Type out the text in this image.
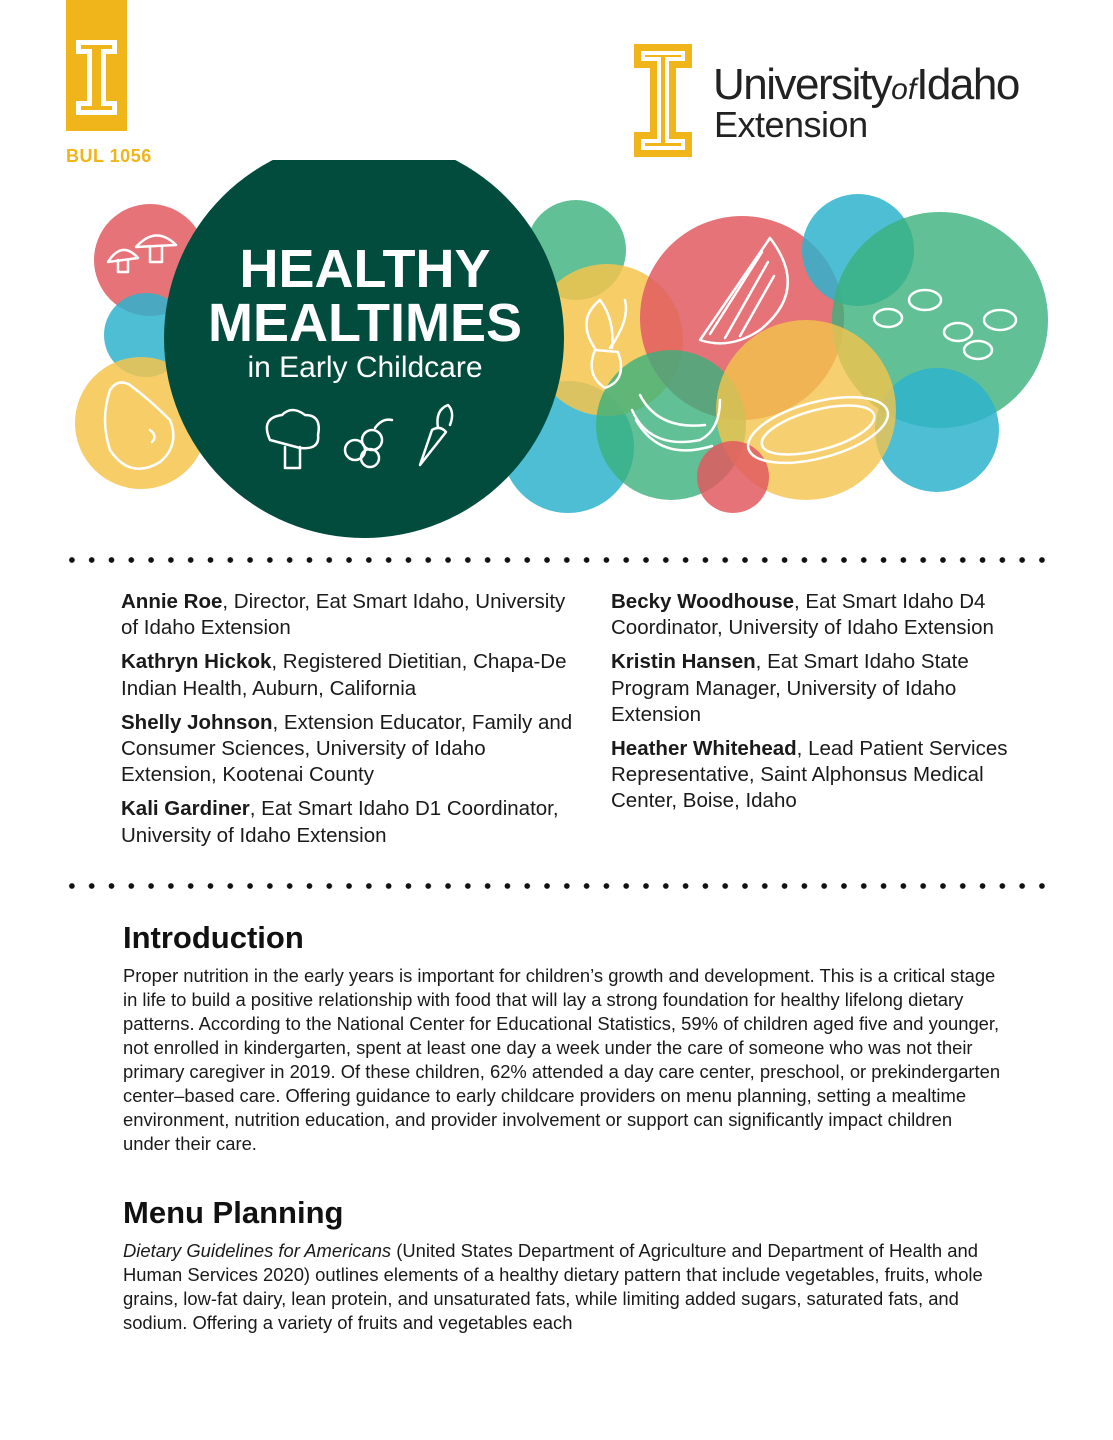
BUL 1056
UniversityofIdaho
Extension
HEALTHY
MEALTIMES
in Early Childcare
Annie Roe, Director, Eat Smart Idaho, University of Idaho Extension
Kathryn Hickok, Registered Dietitian, Chapa-De Indian Health, Auburn, California
Shelly Johnson, Extension Educator, Family and Consumer Sciences, University of Idaho Extension, Kootenai County
Kali Gardiner, Eat Smart Idaho D1 Coordinator, University of Idaho Extension
Becky Woodhouse, Eat Smart Idaho D4 Coordinator, University of Idaho Extension
Kristin Hansen, Eat Smart Idaho State Program Manager, University of Idaho Extension
Heather Whitehead, Lead Patient Services Representative, Saint Alphonsus Medical Center, Boise, Idaho
Introduction
Proper nutrition in the early years is important for children’s growth and development. This is a critical stage in life to build a positive relationship with food that will lay a strong foundation for healthy lifelong dietary patterns. According to the National Center for Educational Statistics, 59% of children aged five and younger, not enrolled in kindergarten, spent at least one day a week under the care of someone who was not their primary caregiver in 2019. Of these children, 62% attended a day care center, preschool, or prekindergarten center–based care. Offering guidance to early childcare providers on menu planning, setting a mealtime environment, nutrition education, and provider involvement or support can significantly impact children under their care.
Menu Planning
Dietary Guidelines for Americans (United States Department of Agriculture and Department of Health and Human Services 2020) outlines elements of a healthy dietary pattern that include vegetables, fruits, whole grains, low-fat dairy, lean protein, and unsaturated fats, while limiting added sugars, saturated fats, and sodium. Offering a variety of fruits and vegetables each
